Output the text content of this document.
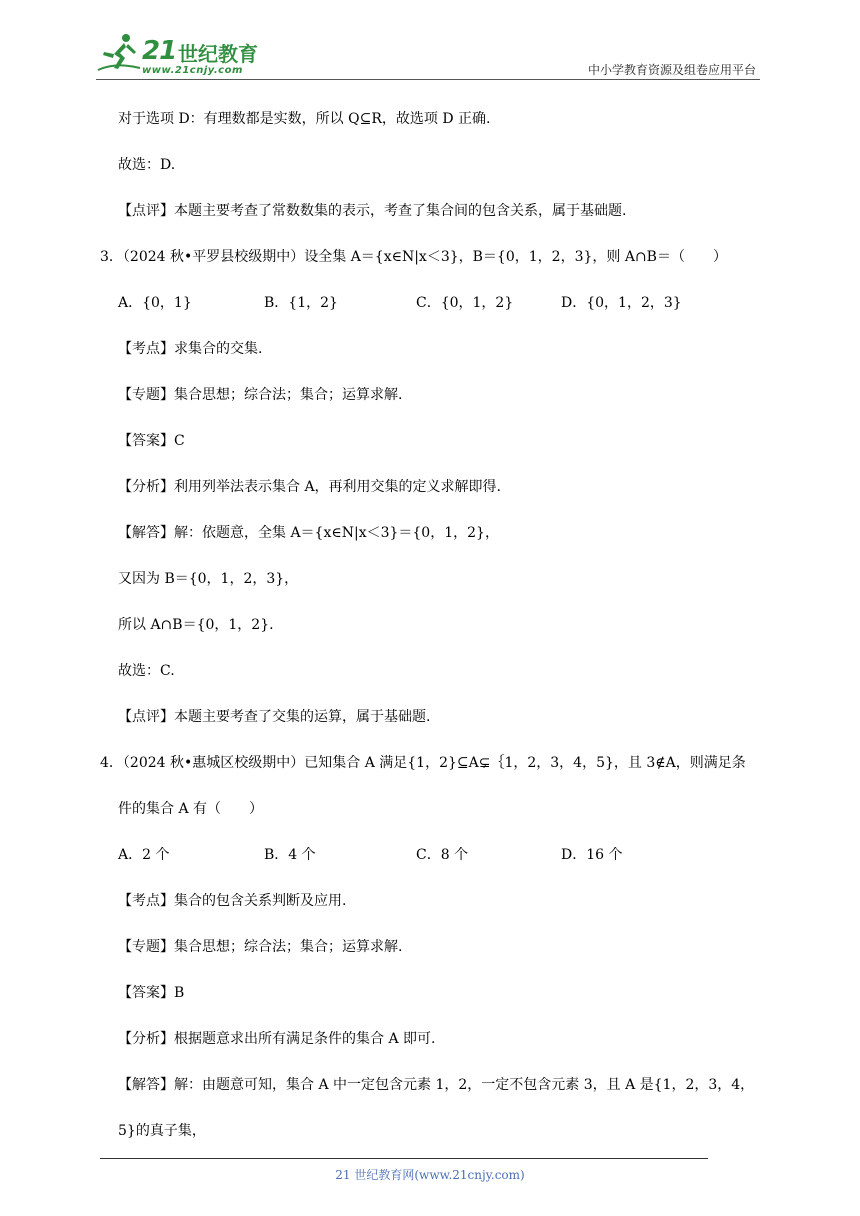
21 世纪教育
www.21cnjy.com	中小学教育资源及组卷应用平台
对于选项 D：有理数都是实数，所以 Q⊆R，故选项 D 正确.
故选：D.
【点评】本题主要考查了常数数集的表示，考查了集合间的包含关系，属于基础题.
3．（2024 秋•平罗县校级期中）设全集 A＝{x∈N|x＜3}，B＝{0，1，2，3}，则 A∩B＝（　　）
A．{0，1}	B．{1，2}	C．{0，1，2}	D．{0，1，2，3}
【考点】求集合的交集.
【专题】集合思想；综合法；集合；运算求解.
【答案】C
【分析】利用列举法表示集合 A，再利用交集的定义求解即得.
【解答】解：依题意，全集 A＝{x∈N|x＜3}＝{0，1，2}，
又因为 B＝{0，1，2，3}，
所以 A∩B＝{0，1，2}.
故选：C.
【点评】本题主要考查了交集的运算，属于基础题.
4．（2024 秋•惠城区校级期中）已知集合 A 满足{1，2}⊆A⊊｛1，2，3，4，5}，且 3∉A，则满足条
件的集合 A 有（　　）
A．2 个	B．4 个	C．8 个	D．16 个
【考点】集合的包含关系判断及应用.
【专题】集合思想；综合法；集合；运算求解.
【答案】B
【分析】根据题意求出所有满足条件的集合 A 即可.
【解答】解：由题意可知，集合 A 中一定包含元素 1，2，一定不包含元素 3，且 A 是{1，2，3，4，
5}的真子集，
21 世纪教育网(www.21cnjy.com)
